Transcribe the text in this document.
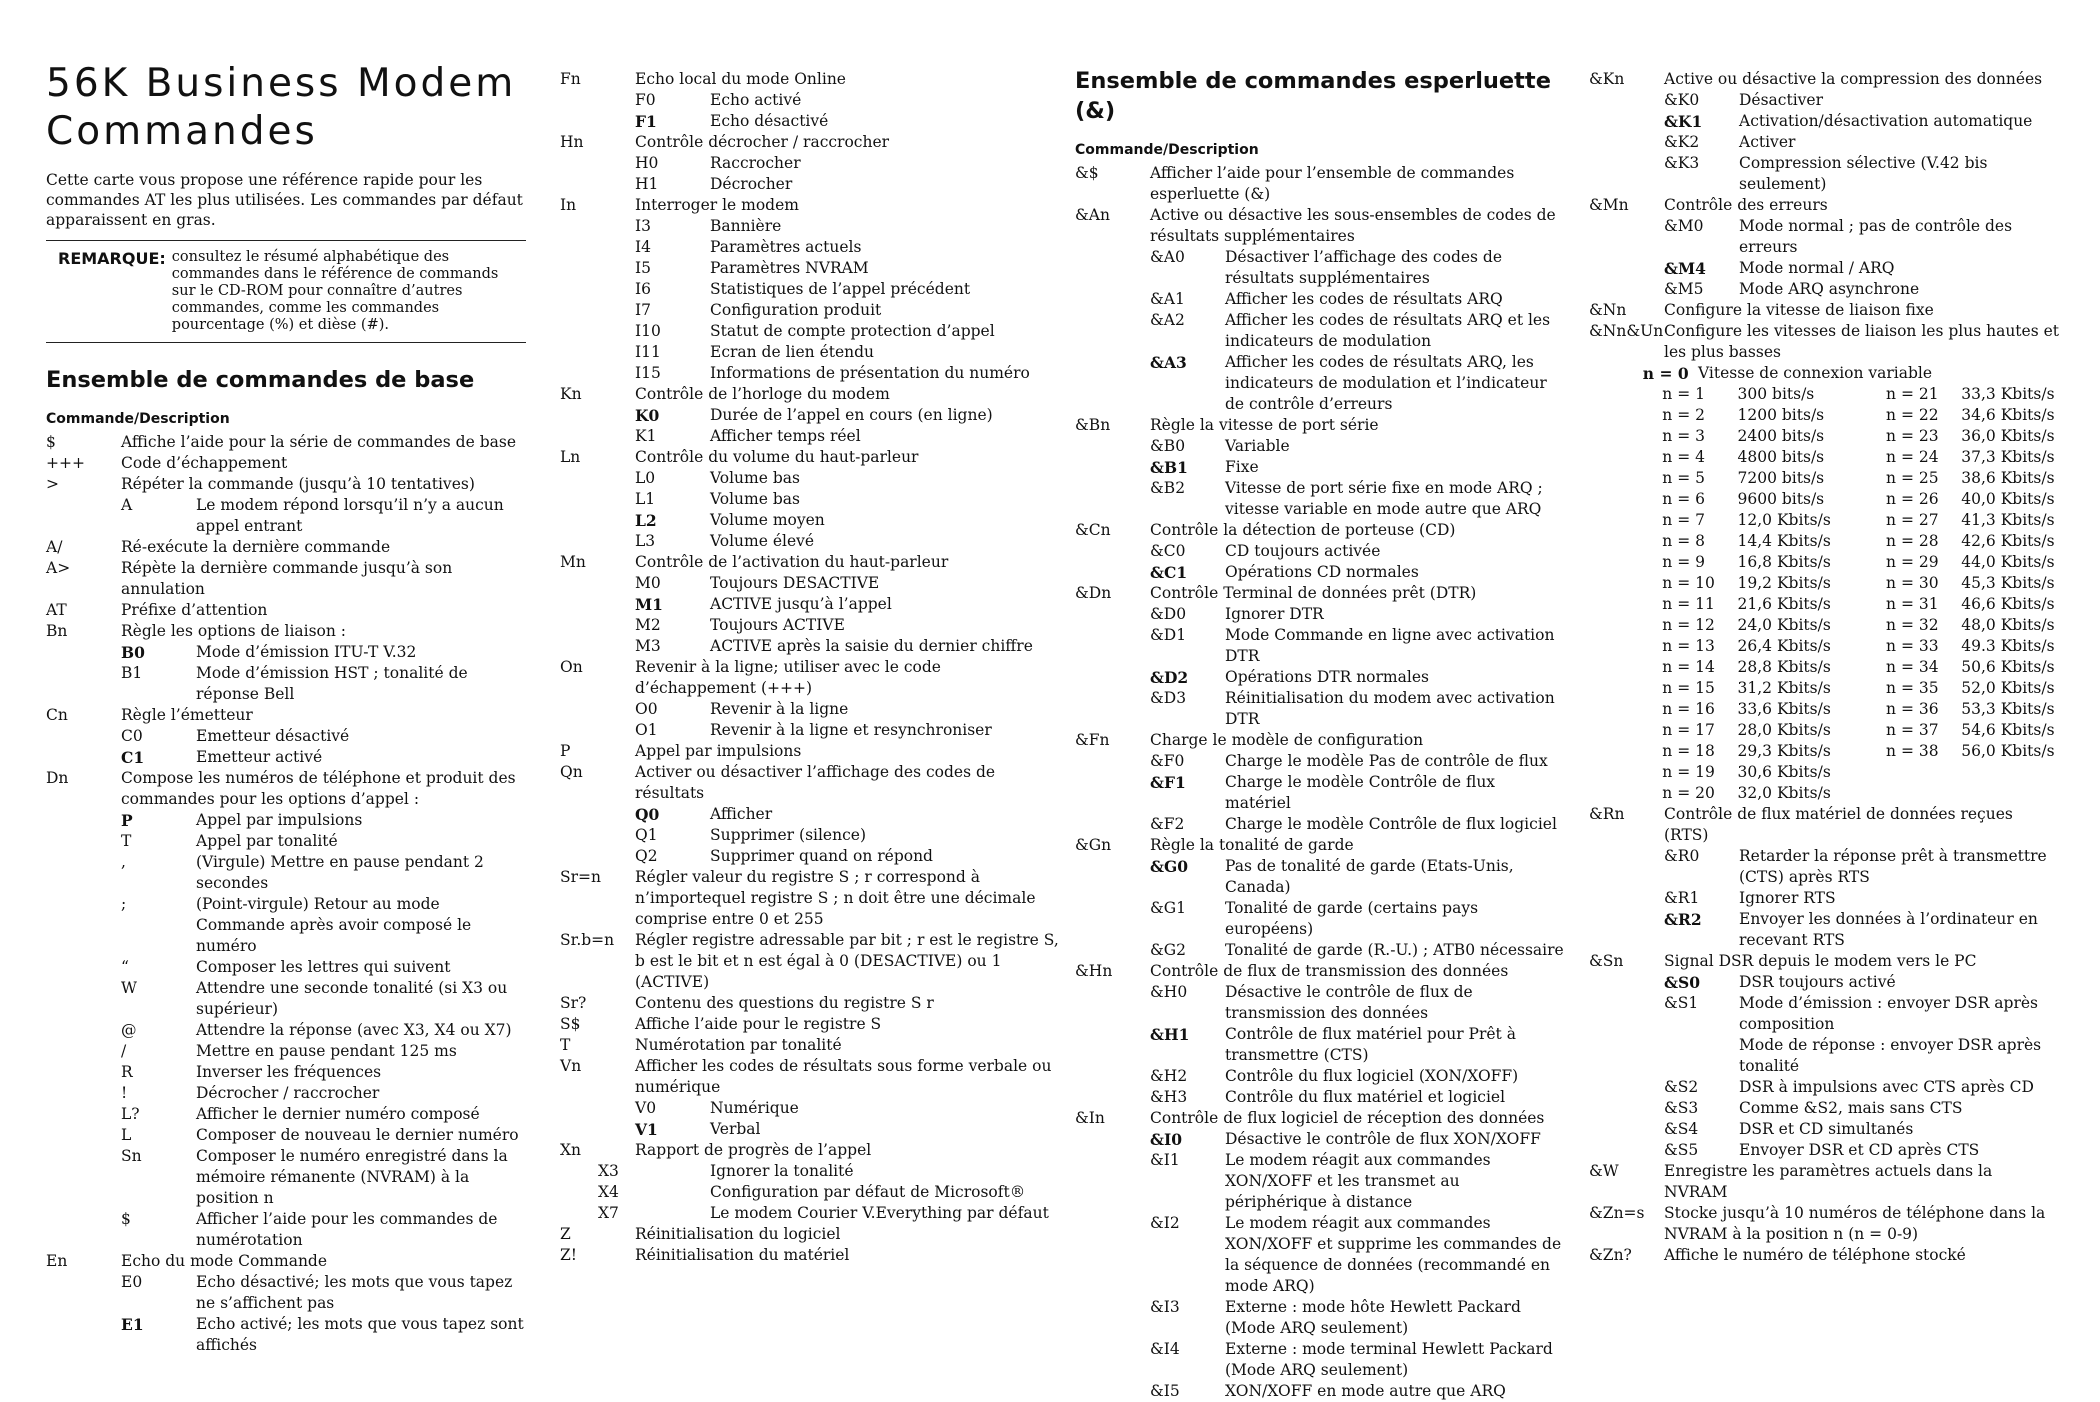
56K Business Modem
Commandes
Cette carte vous propose une référence rapide pour les commandes AT les plus utilisées. Les commandes par défaut apparaissent en gras.
REMARQUE: consultez le résumé alphabétique des commandes dans le référence de commands sur le CD-ROM pour connaître d’autres commandes, comme les commandes pourcentage (%) et dièse (#).
Ensemble de commandes de base
Commande/Description
$	Affiche l’aide pour la série de commandes de base
+++	Code d’échappement
>	Répéter la commande (jusqu’à 10 tentatives)
A	Le modem répond lorsqu’il n’y a aucun appel entrant
A/	Ré-exécute la dernière commande
A>	Répète la dernière commande jusqu’à son annulation
AT	Préfixe d’attention
Bn	Règle les options de liaison :
B0	Mode d’émission ITU-T V.32
B1	Mode d’émission HST ; tonalité de réponse Bell
Cn	Règle l’émetteur
C0	Emetteur désactivé
C1	Emetteur activé
Dn	Compose les numéros de téléphone et produit des commandes pour les options d’appel :
P	Appel par impulsions
T	Appel par tonalité
,	(Virgule) Mettre en pause pendant 2 secondes
;	(Point-virgule) Retour au mode Commande après avoir composé le numéro
“	Composer les lettres qui suivent
W	Attendre une seconde tonalité (si X3 ou supérieur)
@	Attendre la réponse (avec X3, X4 ou X7)
/	Mettre en pause pendant 125 ms
R	Inverser les fréquences
!	Décrocher / raccrocher
L?	Afficher le dernier numéro composé
L	Composer de nouveau le dernier numéro
Sn	Composer le numéro enregistré dans la mémoire rémanente (NVRAM) à la position n
$	Afficher l’aide pour les commandes de numérotation
En	Echo du mode Commande
E0	Echo désactivé; les mots que vous tapez ne s’affichent pas
E1	Echo activé; les mots que vous tapez sont affichés
Fn	Echo local du mode Online
F0	Echo activé
F1	Echo désactivé
Hn	Contrôle décrocher / raccrocher
H0	Raccrocher
H1	Décrocher
In	Interroger le modem
I3	Bannière
I4	Paramètres actuels
I5	Paramètres NVRAM
I6	Statistiques de l’appel précédent
I7	Configuration produit
I10	Statut de compte protection d’appel
I11	Ecran de lien étendu
I15	Informations de présentation du numéro
Kn	Contrôle de l’horloge du modem
K0	Durée de l’appel en cours (en ligne)
K1	Afficher temps réel
Ln	Contrôle du volume du haut-parleur
L0	Volume bas
L1	Volume bas
L2	Volume moyen
L3	Volume élevé
Mn	Contrôle de l’activation du haut-parleur
M0	Toujours DESACTIVE
M1	ACTIVE jusqu’à l’appel
M2	Toujours ACTIVE
M3	ACTIVE après la saisie du dernier chiffre
On	Revenir à la ligne; utiliser avec le code d’échappement (+++)
O0	Revenir à la ligne
O1	Revenir à la ligne et resynchroniser
P	Appel par impulsions
Qn	Activer ou désactiver l’affichage des codes de résultats
Q0	Afficher
Q1	Supprimer (silence)
Q2	Supprimer quand on répond
Sr=n	Régler valeur du registre S ; r correspond à n’importequel registre S ; n doit être une décimale comprise entre 0 et 255
Sr.b=n	Régler registre adressable par bit ; r est le registre S, b est le bit et n est égal à 0 (DESACTIVE) ou 1 (ACTIVE)
Sr?	Contenu des questions du registre S r
S$	Affiche l’aide pour le registre S
T	Numérotation par tonalité
Vn	Afficher les codes de résultats sous forme verbale ou numérique
V0	Numérique
V1	Verbal
Xn	Rapport de progrès de l’appel
X3	Ignorer la tonalité
X4	Configuration par défaut de Microsoft®
X7	Le modem Courier V.Everything par défaut
Z	Réinitialisation du logiciel
Z!	Réinitialisation du matériel
Ensemble de commandes esperluette (&)
Commande/Description
&$	Afficher l’aide pour l’ensemble de commandes esperluette (&)
&An	Active ou désactive les sous-ensembles de codes de résultats supplémentaires
&A0	Désactiver l’affichage des codes de résultats supplémentaires
&A1	Afficher les codes de résultats ARQ
&A2	Afficher les codes de résultats ARQ et les indicateurs de modulation
&A3	Afficher les codes de résultats ARQ, les indicateurs de modulation et l’indicateur de contrôle d’erreurs
&Bn	Règle la vitesse de port série
&B0	Variable
&B1	Fixe
&B2	Vitesse de port série fixe en mode ARQ ; vitesse variable en mode autre que ARQ
&Cn	Contrôle la détection de porteuse (CD)
&C0	CD toujours activée
&C1	Opérations CD normales
&Dn	Contrôle Terminal de données prêt (DTR)
&D0	Ignorer DTR
&D1	Mode Commande en ligne avec activation DTR
&D2	Opérations DTR normales
&D3	Réinitialisation du modem avec activation DTR
&Fn	Charge le modèle de configuration
&F0	Charge le modèle Pas de contrôle de flux
&F1	Charge le modèle Contrôle de flux matériel
&F2	Charge le modèle Contrôle de flux logiciel
&Gn	Règle la tonalité de garde
&G0	Pas de tonalité de garde (Etats-Unis, Canada)
&G1	Tonalité de garde (certains pays européens)
&G2	Tonalité de garde (R.-U.) ; ATB0 nécessaire
&Hn	Contrôle de flux de transmission des données
&H0	Désactive le contrôle de flux de transmission des données
&H1	Contrôle de flux matériel pour Prêt à transmettre (CTS)
&H2	Contrôle du flux logiciel (XON/XOFF)
&H3	Contrôle du flux matériel et logiciel
&In	Contrôle de flux logiciel de réception des données
&I0	Désactive le contrôle de flux XON/XOFF
&I1	Le modem réagit aux commandes XON/XOFF et les transmet au périphérique à distance
&I2	Le modem réagit aux commandes XON/XOFF et supprime les commandes de la séquence de données (recommandé en mode ARQ)
&I3	Externe : mode hôte Hewlett Packard (Mode ARQ seulement)
&I4	Externe : mode terminal Hewlett Packard (Mode ARQ seulement)
&I5	XON/XOFF en mode autre que ARQ
&Kn	Active ou désactive la compression des données
&K0	Désactiver
&K1	Activation/désactivation automatique
&K2	Activer
&K3	Compression sélective (V.42 bis seulement)
&Mn	Contrôle des erreurs
&M0	Mode normal ; pas de contrôle des erreurs
&M4	Mode normal / ARQ
&M5	Mode ARQ asynchrone
&Nn	Configure la vitesse de liaison fixe
&Nn&Un Configure les vitesses de liaison les plus hautes et les plus basses
n = 0 Vitesse de connexion variable
n = 1	300 bits/s	n = 21	33,3 Kbits/s
n = 2	1200 bits/s	n = 22	34,6 Kbits/s
n = 3	2400 bits/s	n = 23	36,0 Kbits/s
n = 4	4800 bits/s	n = 24	37,3 Kbits/s
n = 5	7200 bits/s	n = 25	38,6 Kbits/s
n = 6	9600 bits/s	n = 26	40,0 Kbits/s
n = 7	12,0 Kbits/s	n = 27	41,3 Kbits/s
n = 8	14,4 Kbits/s	n = 28	42,6 Kbits/s
n = 9	16,8 Kbits/s	n = 29	44,0 Kbits/s
n = 10	19,2 Kbits/s	n = 30	45,3 Kbits/s
n = 11	21,6 Kbits/s	n = 31	46,6 Kbits/s
n = 12	24,0 Kbits/s	n = 32	48,0 Kbits/s
n = 13	26,4 Kbits/s	n = 33	49.3 Kbits/s
n = 14	28,8 Kbits/s	n = 34	50,6 Kbits/s
n = 15	31,2 Kbits/s	n = 35	52,0 Kbits/s
n = 16	33,6 Kbits/s	n = 36	53,3 Kbits/s
n = 17	28,0 Kbits/s	n = 37	54,6 Kbits/s
n = 18	29,3 Kbits/s	n = 38	56,0 Kbits/s
n = 19	30,6 Kbits/s
n = 20	32,0 Kbits/s
&Rn	Contrôle de flux matériel de données reçues (RTS)
&R0	Retarder la réponse prêt à transmettre (CTS) après RTS
&R1	Ignorer RTS
&R2	Envoyer les données à l’ordinateur en recevant RTS
&Sn	Signal DSR depuis le modem vers le PC
&S0	DSR toujours activé
&S1	Mode d’émission : envoyer DSR après composition
Mode de réponse : envoyer DSR après tonalité
&S2	DSR à impulsions avec CTS après CD
&S3	Comme &S2, mais sans CTS
&S4	DSR et CD simultanés
&S5	Envoyer DSR et CD après CTS
&W	Enregistre les paramètres actuels dans la NVRAM
&Zn=s	Stocke jusqu’à 10 numéros de téléphone dans la NVRAM à la position n (n = 0-9)
&Zn?	Affiche le numéro de téléphone stocké
